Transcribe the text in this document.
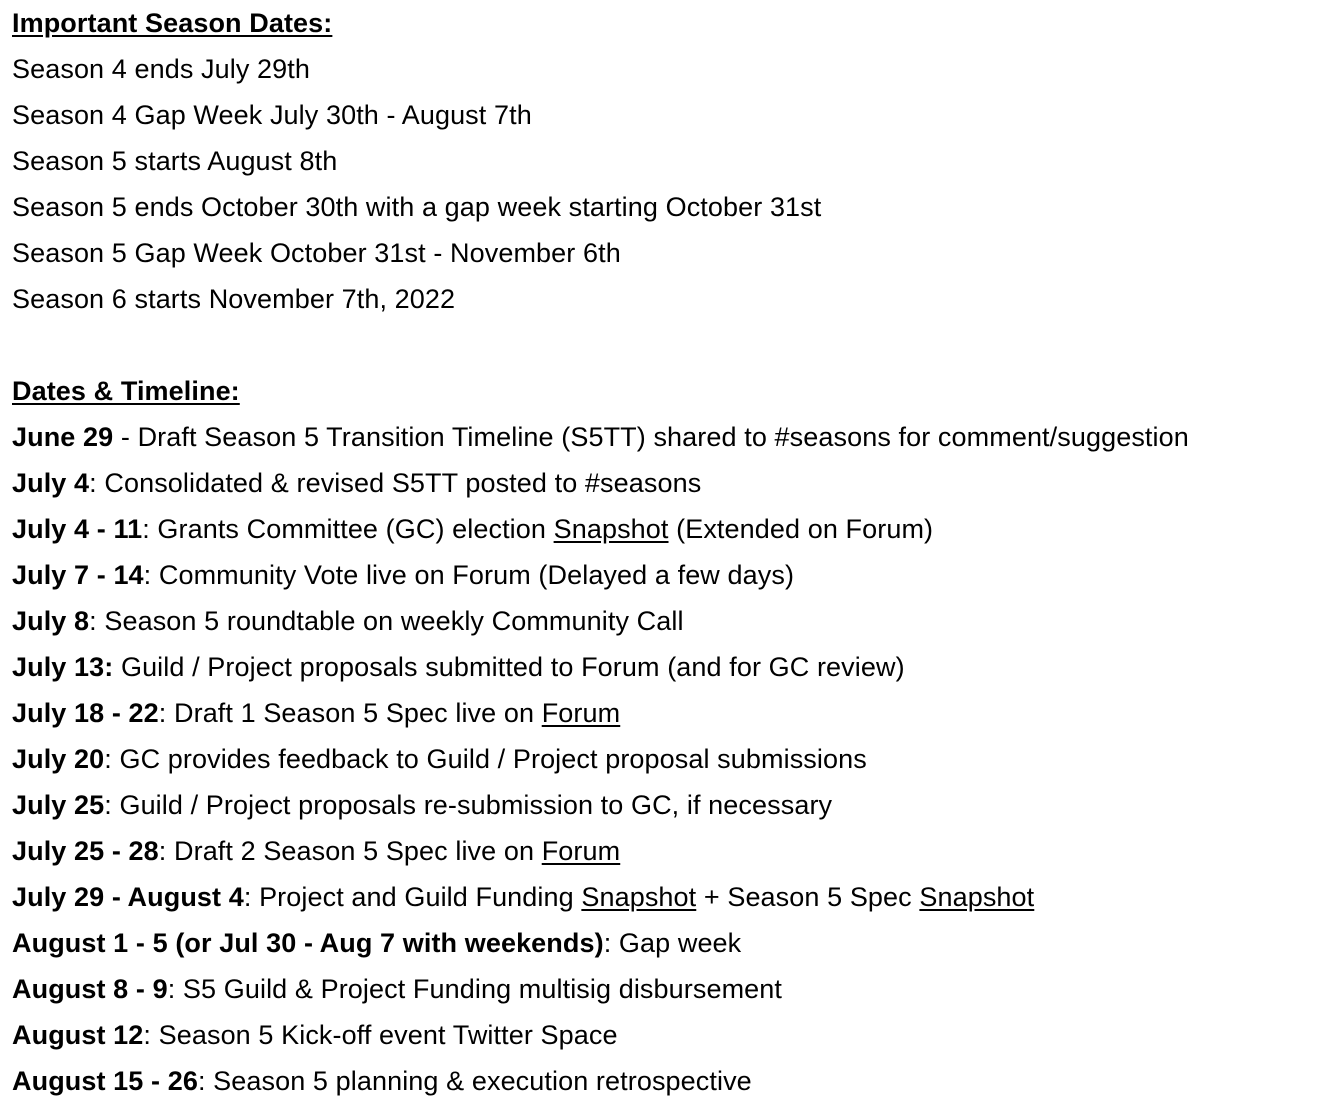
Important Season Dates:
Season 4 ends July 29th
Season 4 Gap Week July 30th - August 7th
Season 5 starts August 8th
Season 5 ends October 30th with a gap week starting October 31st
Season 5 Gap Week October 31st - November 6th
Season 6 starts November 7th, 2022
Dates & Timeline:
June 29 - Draft Season 5 Transition Timeline (S5TT) shared to #seasons for comment/suggestion
July 4: Consolidated & revised S5TT posted to #seasons
July 4 - 11: Grants Committee (GC) election Snapshot (Extended on Forum)
July 7 - 14: Community Vote live on Forum (Delayed a few days)
July 8: Season 5 roundtable on weekly Community Call
July 13: Guild / Project proposals submitted to Forum (and for GC review)
July 18 - 22: Draft 1 Season 5 Spec live on Forum
July 20: GC provides feedback to Guild / Project proposal submissions
July 25: Guild / Project proposals re-submission to GC, if necessary
July 25 - 28: Draft 2 Season 5 Spec live on Forum
July 29 - August 4: Project and Guild Funding Snapshot + Season 5 Spec Snapshot
August 1 - 5 (or Jul 30 - Aug 7 with weekends): Gap week
August 8 - 9: S5 Guild & Project Funding multisig disbursement
August 12: Season 5 Kick-off event Twitter Space
August 15 - 26: Season 5 planning & execution retrospective
